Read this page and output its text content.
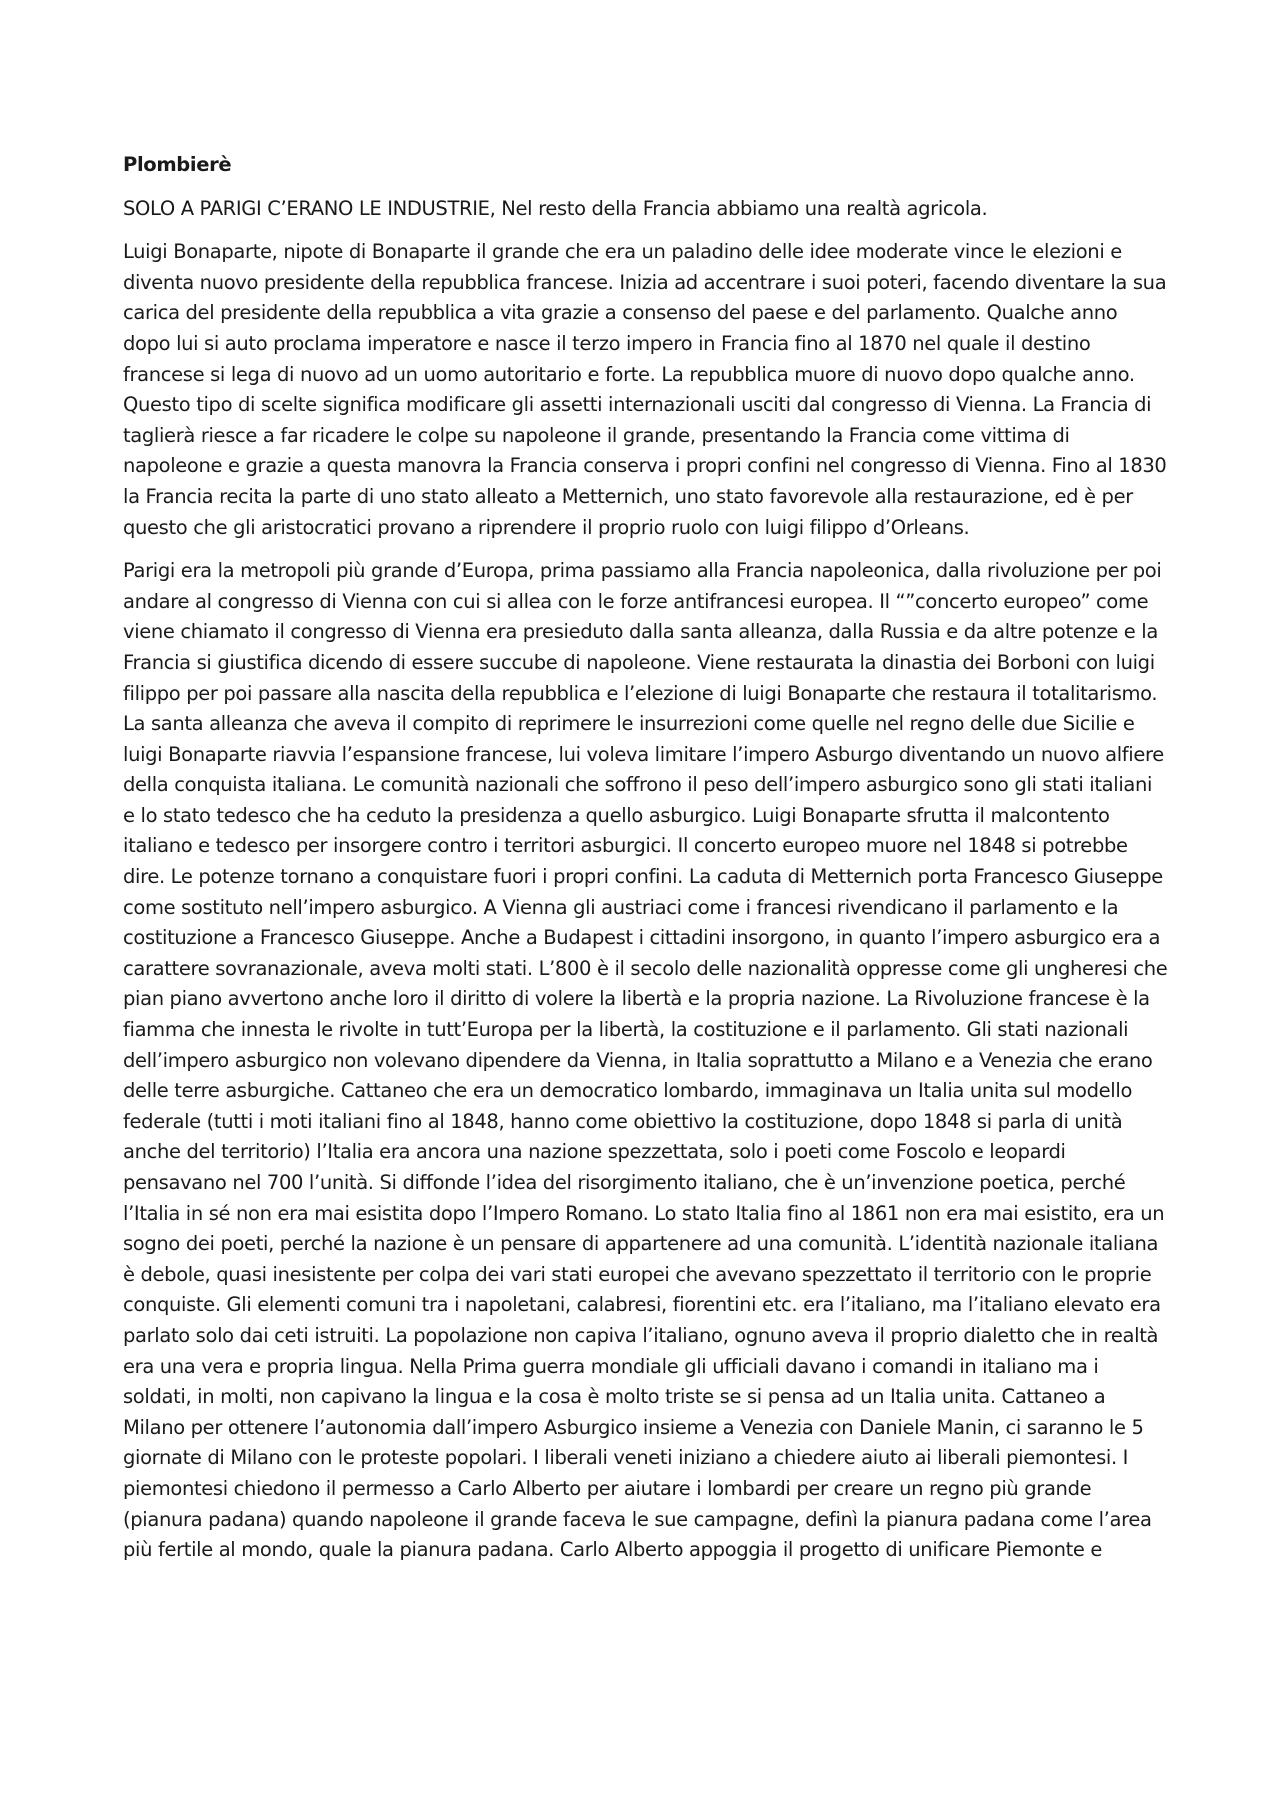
Plombierè

SOLO A PARIGI C’ERANO LE INDUSTRIE, Nel resto della Francia abbiamo una realtà agricola.

Luigi Bonaparte, nipote di Bonaparte il grande che era un paladino delle idee moderate vince le elezioni e diventa nuovo presidente della repubblica francese. Inizia ad accentrare i suoi poteri, facendo diventare la sua carica del presidente della repubblica a vita grazie a consenso del paese e del parlamento. Qualche anno dopo lui si auto proclama imperatore e nasce il terzo impero in Francia fino al 1870 nel quale il destino francese si lega di nuovo ad un uomo autoritario e forte. La repubblica muore di nuovo dopo qualche anno. Questo tipo di scelte significa modificare gli assetti internazionali usciti dal congresso di Vienna. La Francia di taglierà riesce a far ricadere le colpe su napoleone il grande, presentando la Francia come vittima di napoleone e grazie a questa manovra la Francia conserva i propri confini nel congresso di Vienna. Fino al 1830 la Francia recita la parte di uno stato alleato a Metternich, uno stato favorevole alla restaurazione, ed è per questo che gli aristocratici provano a riprendere il proprio ruolo con luigi filippo d’Orleans.

Parigi era la metropoli più grande d’Europa, prima passiamo alla Francia napoleonica, dalla rivoluzione per poi andare al congresso di Vienna con cui si allea con le forze antifrancesi europea. Il “”concerto europeo” come viene chiamato il congresso di Vienna era presieduto dalla santa alleanza, dalla Russia e da altre potenze e la Francia si giustifica dicendo di essere succube di napoleone. Viene restaurata la dinastia dei Borboni con luigi filippo per poi passare alla nascita della repubblica e l’elezione di luigi Bonaparte che restaura il totalitarismo. La santa alleanza che aveva il compito di reprimere le insurrezioni come quelle nel regno delle due Sicilie e luigi Bonaparte riavvia l’espansione francese, lui voleva limitare l’impero Asburgo diventando un nuovo alfiere della conquista italiana. Le comunità nazionali che soffrono il peso dell’impero asburgico sono gli stati italiani e lo stato tedesco che ha ceduto la presidenza a quello asburgico. Luigi Bonaparte sfrutta il malcontento italiano e tedesco per insorgere contro i territori asburgici. Il concerto europeo muore nel 1848 si potrebbe dire. Le potenze tornano a conquistare fuori i propri confini. La caduta di Metternich porta Francesco Giuseppe come sostituto nell’impero asburgico. A Vienna gli austriaci come i francesi rivendicano il parlamento e la costituzione a Francesco Giuseppe. Anche a Budapest i cittadini insorgono, in quanto l’impero asburgico era a carattere sovranazionale, aveva molti stati. L’800 è il secolo delle nazionalità oppresse come gli ungheresi che pian piano avvertono anche loro il diritto di volere la libertà e la propria nazione. La Rivoluzione francese è la fiamma che innesta le rivolte in tutt’Europa per la libertà, la costituzione e il parlamento. Gli stati nazionali dell’impero asburgico non volevano dipendere da Vienna, in Italia soprattutto a Milano e a Venezia che erano delle terre asburgiche. Cattaneo che era un democratico lombardo, immaginava un Italia unita sul modello federale (tutti i moti italiani fino al 1848, hanno come obiettivo la costituzione, dopo 1848 si parla di unità anche del territorio) l’Italia era ancora una nazione spezzettata, solo i poeti come Foscolo e leopardi pensavano nel 700 l’unità. Si diffonde l’idea del risorgimento italiano, che è un’invenzione poetica, perché l’Italia in sé non era mai esistita dopo l’Impero Romano. Lo stato Italia fino al 1861 non era mai esistito, era un sogno dei poeti, perché la nazione è un pensare di appartenere ad una comunità. L’identità nazionale italiana è debole, quasi inesistente per colpa dei vari stati europei che avevano spezzettato il territorio con le proprie conquiste. Gli elementi comuni tra i napoletani, calabresi, fiorentini etc. era l’italiano, ma l’italiano elevato era parlato solo dai ceti istruiti. La popolazione non capiva l’italiano, ognuno aveva il proprio dialetto che in realtà era una vera e propria lingua. Nella Prima guerra mondiale gli ufficiali davano i comandi in italiano ma i soldati, in molti, non capivano la lingua e la cosa è molto triste se si pensa ad un Italia unita. Cattaneo a Milano per ottenere l’autonomia dall’impero Asburgico insieme a Venezia con Daniele Manin, ci saranno le 5 giornate di Milano con le proteste popolari. I liberali veneti iniziano a chiedere aiuto ai liberali piemontesi. I piemontesi chiedono il permesso a Carlo Alberto per aiutare i lombardi per creare un regno più grande (pianura padana) quando napoleone il grande faceva le sue campagne, definì la pianura padana come l’area più fertile al mondo, quale la pianura padana. Carlo Alberto appoggia il progetto di unificare Piemonte e
